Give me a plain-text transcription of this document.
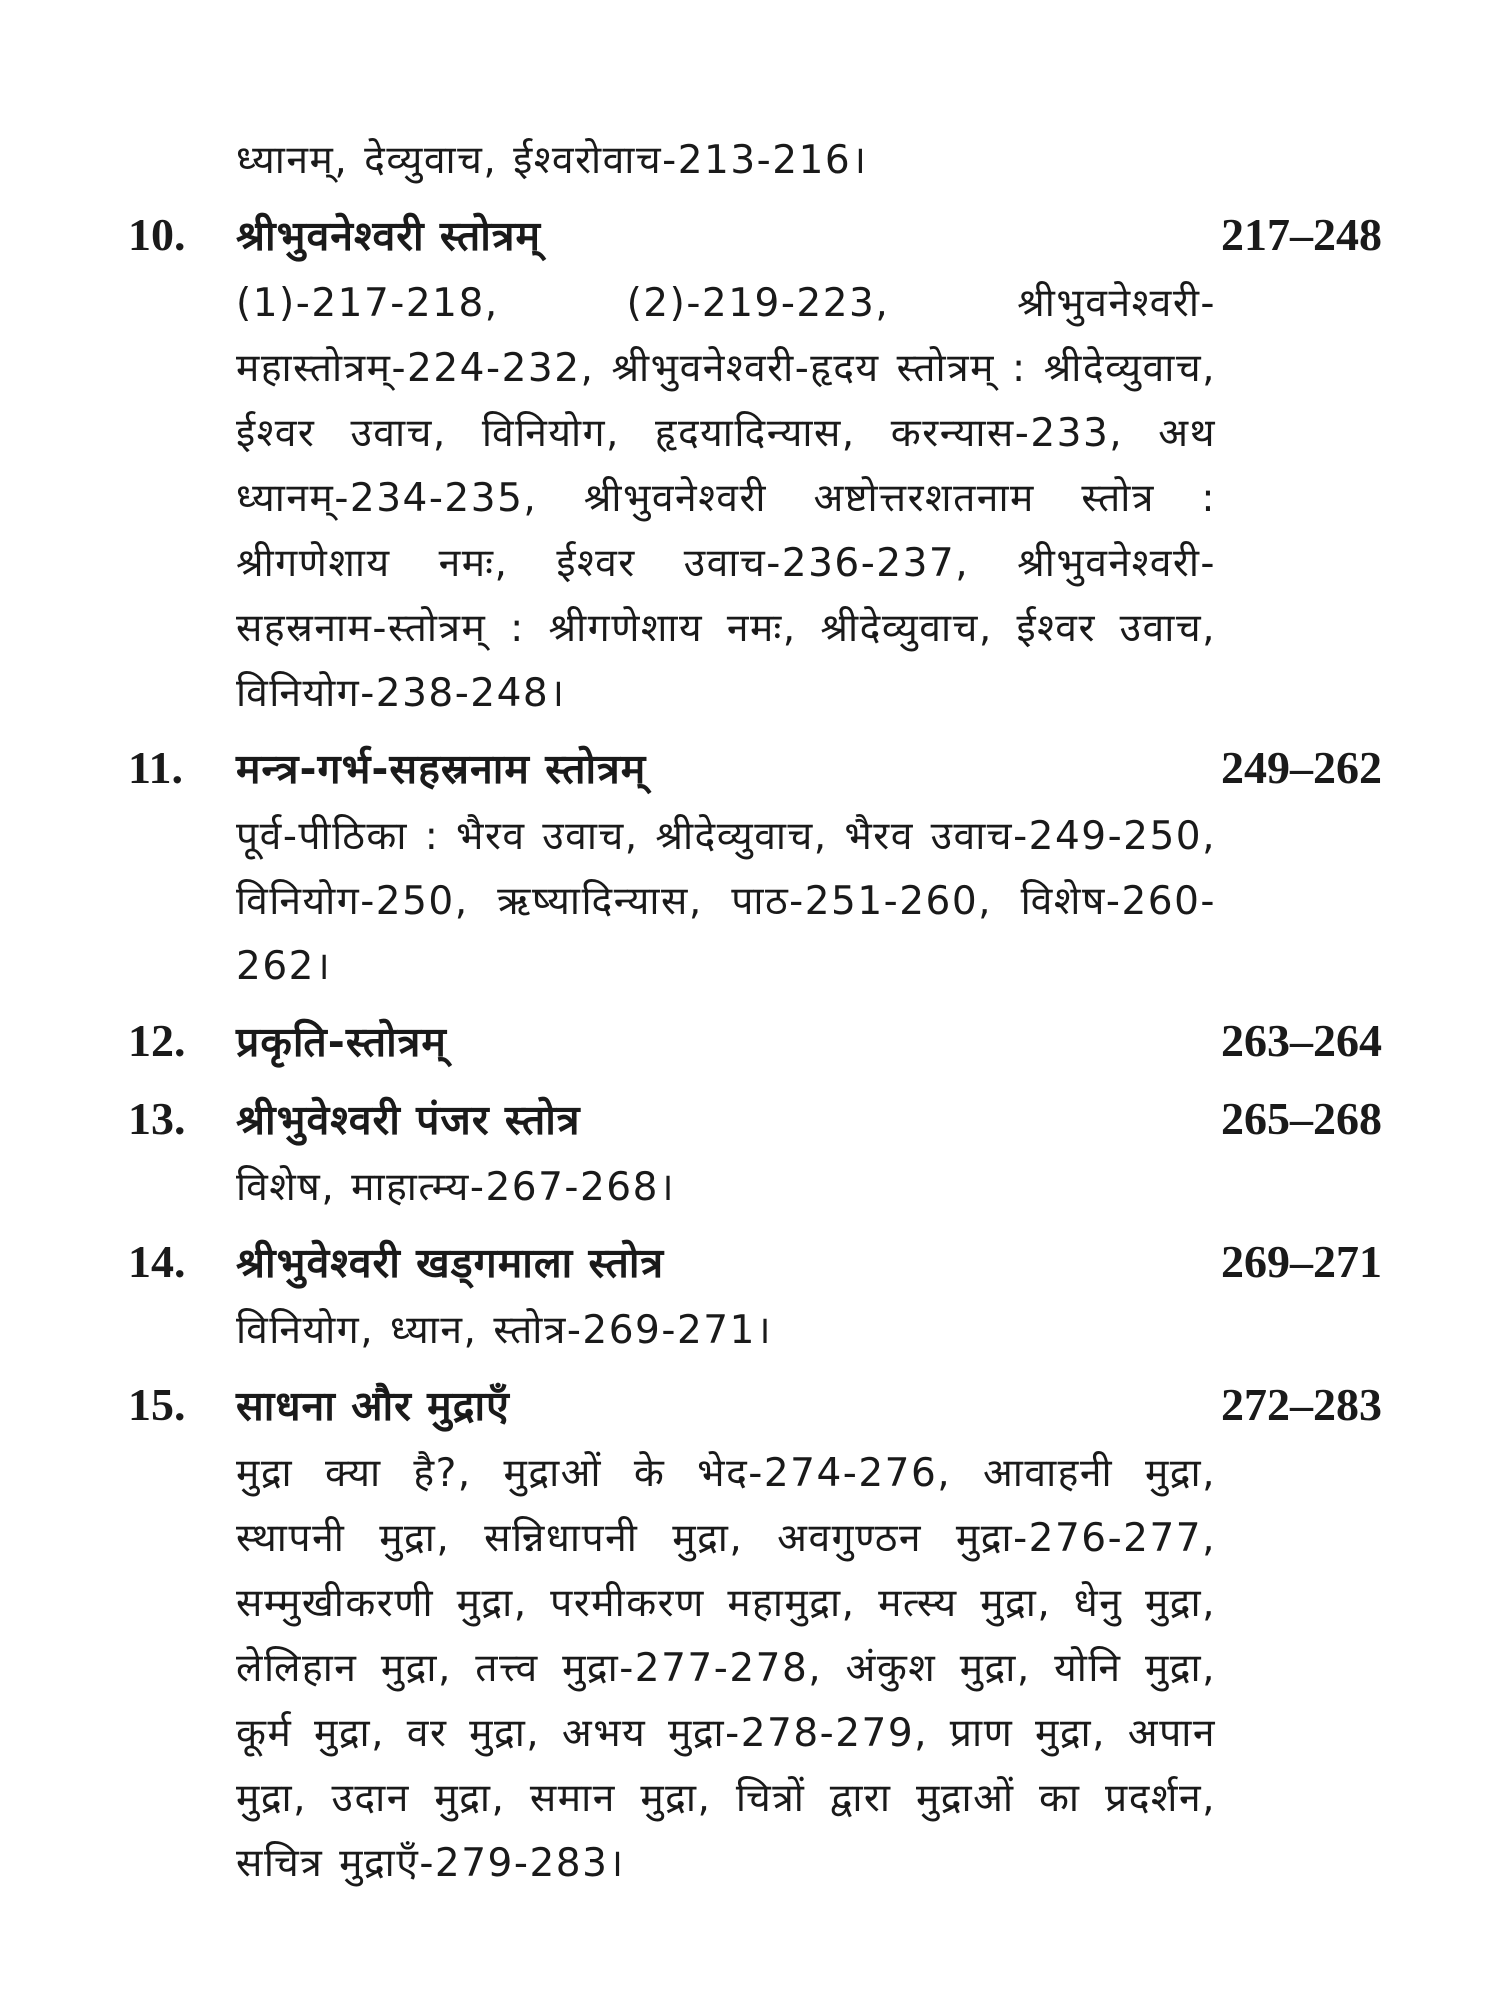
ध्यानम्, देव्युवाच, ईश्वरोवाच-213-216।
10.	श्रीभुवनेश्वरी स्तोत्रम्	217–248
(1)-217-218, (2)-219-223, श्रीभुवनेश्वरी-महास्तोत्रम्-224-232, श्रीभुवनेश्वरी-हृदय स्तोत्रम् : श्रीदेव्युवाच, ईश्वर उवाच, विनियोग, हृदयादिन्यास, करन्यास-233, अथ ध्यानम्-234-235, श्रीभुवनेश्वरी अष्टोत्तरशतनाम स्तोत्र : श्रीगणेशाय नमः, ईश्वर उवाच-236-237, श्रीभुवनेश्वरी-सहस्रनाम-स्तोत्रम् : श्रीगणेशाय नमः, श्रीदेव्युवाच, ईश्वर उवाच, विनियोग-238-248।
11.	मन्त्र-गर्भ-सहस्रनाम स्तोत्रम्	249–262
पूर्व-पीठिका : भैरव उवाच, श्रीदेव्युवाच, भैरव उवाच-249-250, विनियोग-250, ऋष्यादिन्यास, पाठ-251-260, विशेष-260-262।
12.	प्रकृति-स्तोत्रम्	263–264
13.	श्रीभुवेश्वरी पंजर स्तोत्र	265–268
विशेष, माहात्म्य-267-268।
14.	श्रीभुवेश्वरी खड्गमाला स्तोत्र	269–271
विनियोग, ध्यान, स्तोत्र-269-271।
15.	साधना और मुद्राएँ	272–283
मुद्रा क्या है?, मुद्राओं के भेद-274-276, आवाहनी मुद्रा, स्थापनी मुद्रा, सन्निधापनी मुद्रा, अवगुण्ठन मुद्रा-276-277, सम्मुखीकरणी मुद्रा, परमीकरण महामुद्रा, मत्स्य मुद्रा, धेनु मुद्रा, लेलिहान मुद्रा, तत्त्व मुद्रा-277-278, अंकुश मुद्रा, योनि मुद्रा, कूर्म मुद्रा, वर मुद्रा, अभय मुद्रा-278-279, प्राण मुद्रा, अपान मुद्रा, उदान मुद्रा, समान मुद्रा, चित्रों द्वारा मुद्राओं का प्रदर्शन, सचित्र मुद्राएँ-279-283।
